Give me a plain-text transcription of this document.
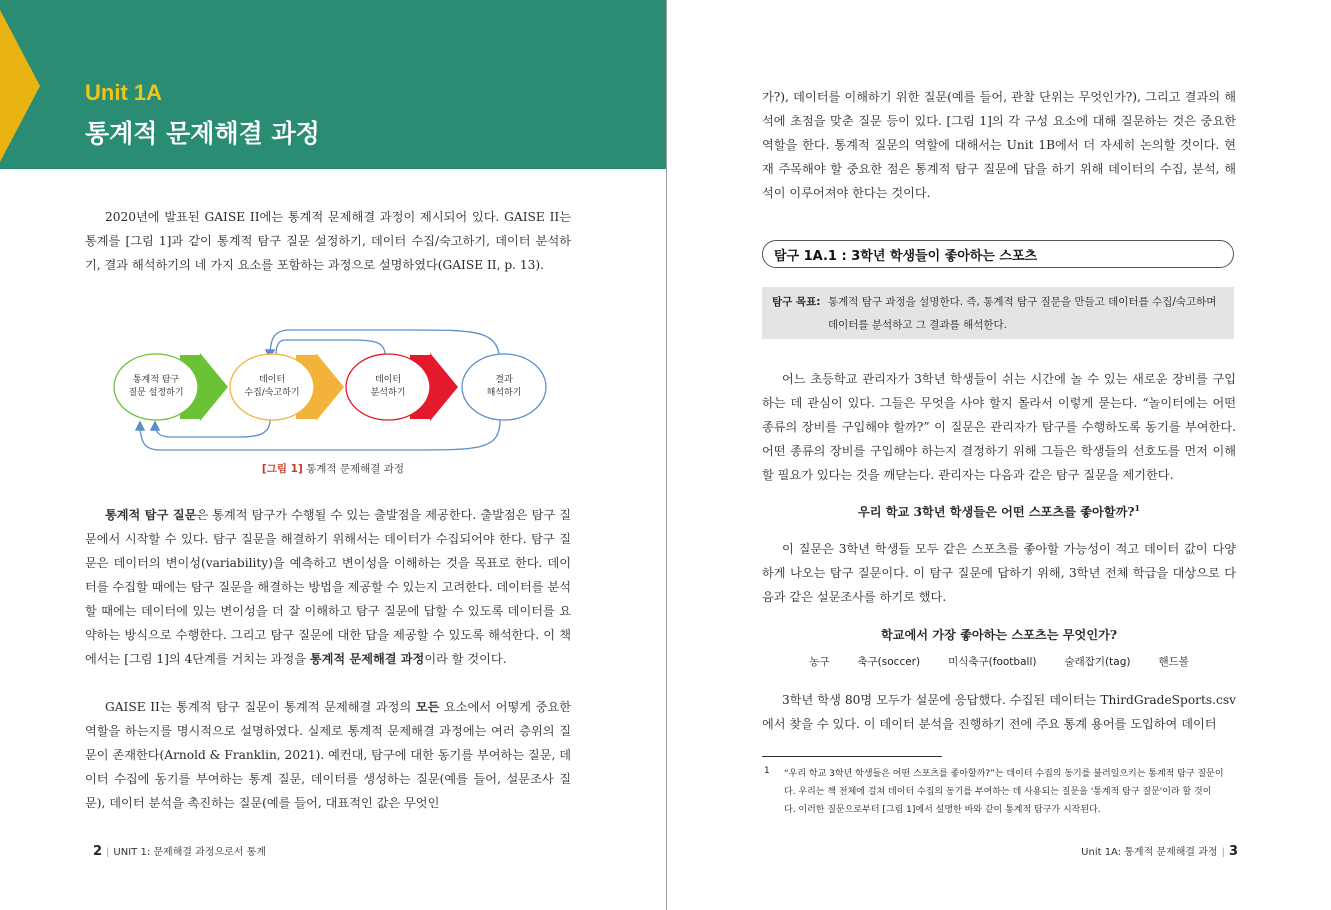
Unit 1A
통계적 문제해결 과정

2020년에 발표된 GAISE II에는 통계적 문제해결 과정이 제시되어 있다. GAISE II는 통계를 [그림 1]과 같이 통계적 탐구 질문 설정하기, 데이터 수집/숙고하기, 데이터 분석하기, 결과 해석하기의 네 가지 요소를 포함하는 과정으로 설명하였다(GAISE II, p. 13).

통계적 탐구
질문 설정하기
데이터
수집/숙고하기
데이터
분석하기
결과
해석하기
[그림 1] 통계적 문제해결 과정

통계적 탐구 질문은 통계적 탐구가 수행될 수 있는 출발점을 제공한다. 출발점은 탐구 질문에서 시작할 수 있다. 탐구 질문을 해결하기 위해서는 데이터가 수집되어야 한다. 탐구 질문은 데이터의 변이성(variability)을 예측하고 변이성을 이해하는 것을 목표로 한다. 데이터를 수집할 때에는 탐구 질문을 해결하는 방법을 제공할 수 있는지 고려한다. 데이터를 분석할 때에는 데이터에 있는 변이성을 더 잘 이해하고 탐구 질문에 답할 수 있도록 데이터를 요약하는 방식으로 수행한다. 그리고 탐구 질문에 대한 답을 제공할 수 있도록 해석한다. 이 책에서는 [그림 1]의 4단계를 거치는 과정을 통계적 문제해결 과정이라 할 것이다.

GAISE II는 통계적 탐구 질문이 통계적 문제해결 과정의 모든 요소에서 어떻게 중요한 역할을 하는지를 명시적으로 설명하였다. 실제로 통계적 문제해결 과정에는 여러 층위의 질문이 존재한다(Arnold & Franklin, 2021). 예컨대, 탐구에 대한 동기를 부여하는 질문, 데이터 수집에 동기를 부여하는 통계 질문, 데이터를 생성하는 질문(예를 들어, 설문조사 질문), 데이터 분석을 촉진하는 질문(예를 들어, 대표적인 값은 무엇인

2 | UNIT 1: 문제해결 과정으로서 통계

가?), 데이터를 이해하기 위한 질문(예를 들어, 관찰 단위는 무엇인가?), 그리고 결과의 해석에 초점을 맞춘 질문 등이 있다. [그림 1]의 각 구성 요소에 대해 질문하는 것은 중요한 역할을 한다. 통계적 질문의 역할에 대해서는 Unit 1B에서 더 자세히 논의할 것이다. 현재 주목해야 할 중요한 점은 통계적 탐구 질문에 답을 하기 위해 데이터의 수집, 분석, 해석이 이루어져야 한다는 것이다.

탐구 1A.1 : 3학년 학생들이 좋아하는 스포츠
탐구 목표: 통계적 탐구 과정을 설명한다. 즉, 통계적 탐구 질문을 만들고 데이터를 수집/숙고하며
데이터를 분석하고 그 결과를 해석한다.

어느 초등학교 관리자가 3학년 학생들이 쉬는 시간에 놀 수 있는 새로운 장비를 구입하는 데 관심이 있다. 그들은 무엇을 사야 할지 몰라서 이렇게 묻는다. “놀이터에는 어떤 종류의 장비를 구입해야 할까?” 이 질문은 관리자가 탐구를 수행하도록 동기를 부여한다. 어떤 종류의 장비를 구입해야 하는지 결정하기 위해 그들은 학생들의 선호도를 먼저 이해할 필요가 있다는 것을 깨닫는다. 관리자는 다음과 같은 탐구 질문을 제기한다.

우리 학교 3학년 학생들은 어떤 스포츠를 좋아할까?$^1$

이 질문은 3학년 학생들 모두 같은 스포츠를 좋아할 가능성이 적고 데이터 값이 다양하게 나오는 탐구 질문이다. 이 탐구 질문에 답하기 위해, 3학년 전체 학급을 대상으로 다음과 같은 설문조사를 하기로 했다.

학교에서 가장 좋아하는 스포츠는 무엇인가?
농구	축구(soccer)	미식축구(football)	술래잡기(tag)	핸드볼

3학년 학생 80명 모두가 설문에 응답했다. 수집된 데이터는 ThirdGradeSports.csv에서 찾을 수 있다. 이 데이터 분석을 진행하기 전에 주요 통계 용어를 도입하여 데이터

1 “우리 학교 3학년 학생들은 어떤 스포츠를 좋아할까?”는 데이터 수집의 동기를 불러일으키는 통계적 탐구 질문이
다. 우리는 책 전체에 걸쳐 데이터 수집의 동기를 부여하는 데 사용되는 질문을 '통계적 탐구 질문'이라 할 것이
다. 이러한 질문으로부터 [그림 1]에서 설명한 바와 같이 통계적 탐구가 시작된다.
Unit 1A: 통계적 문제해결 과정 | 3
